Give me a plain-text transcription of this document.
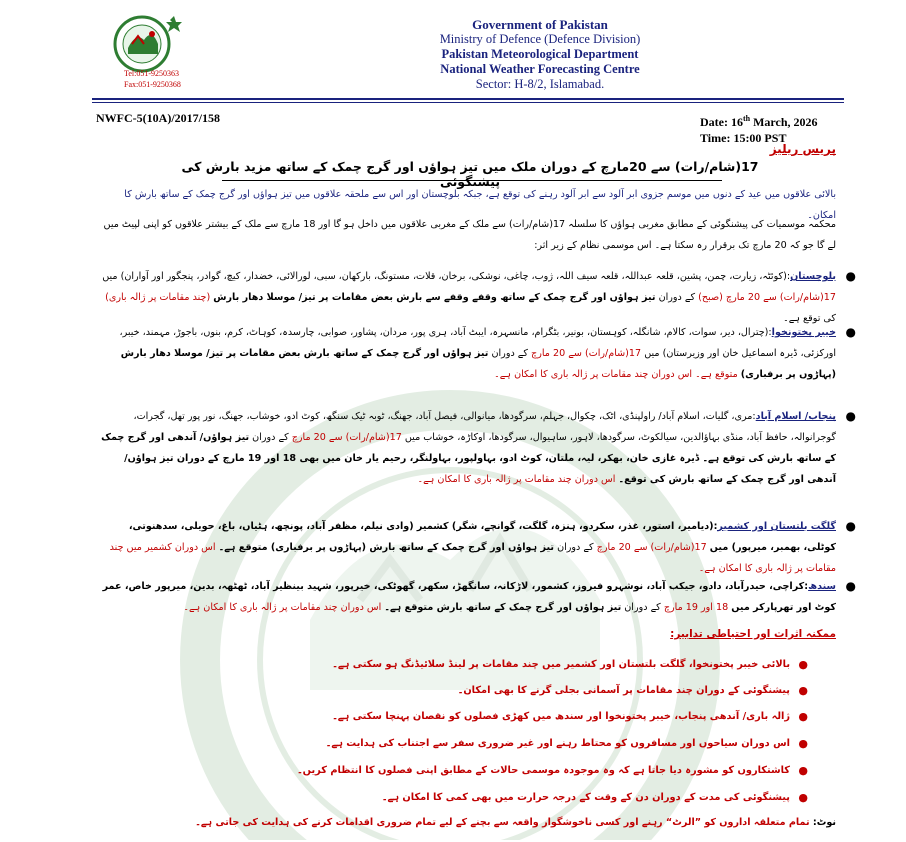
Tel:051-9250363
Fax:051-9250368
Government of Pakistan
Ministry of Defence (Defence Division)
Pakistan Meteorological Department
National Weather Forecasting Centre
Sector: H-8/2, Islamabad.
NWFC-5(10A)/2017/158	Date: 16th March, 2026
Time: 15:00 PST
پریس ریلیز
17(شام/رات) سے 20مارچ کے دوران ملک میں تیز ہواؤں اور گرج چمک کے ساتھ مزید بارش کی پیشنگوئی
بالائی علاقوں میں عید کے دنوں میں موسم جزوی ابر آلود سے ابر آلود رہنے کی توقع ہے، جبکہ بلوچستان اور اس سے ملحقہ علاقوں میں تیز ہواؤں اور گرج چمک کے ساتھ بارش کا امکان۔
محکمہ موسمیات کی پیشنگوئی کے مطابق مغربی ہواؤں کا سلسلہ 17(شام/رات) سے ملک کے مغربی علاقوں میں داخل ہو گا اور 18 مارچ سے ملک کے بیشتر علاقوں کو اپنی لپیٹ میں لے گا جو کہ 20 مارچ تک برقرار رہ سکتا ہے۔ اس موسمی نظام کے زیر اثر:
●
بلوچستان:(کوئٹہ، زیارت، چمن، پشین، قلعہ عبداللہ، قلعہ سیف اللہ، ژوب، چاغی، نوشکی، برخان، قلات، مستونگ، بارکھان، سبی، لورالائی، خضدار، کیچ، گوادر، پنجگور اور آواران) میں 17(شام/رات) سے 20 مارچ (صبح) کے دوران تیز ہواؤں اور گرج چمک کے ساتھ وقفے وقفے سے بارش بعض مقامات پر تیز/ موسلا دھار بارش (چند مقامات پر ژالہ باری) کی توقع ہے۔
●
خیبر پختونخوا:(چترال، دیر، سوات، کالام، شانگلہ، کوہستان، بونیر، بٹگرام، مانسہرہ، ایبٹ آباد، ہری پور، مردان، پشاور، صوابی، چارسدہ، کوہاٹ، کرم، بنوں، باجوڑ، مہمند، خیبر، اورکزئی، ڈیرہ اسماعیل خان اور وزیرستان) میں 17(شام/رات) سے 20 مارچ کے دوران تیز ہواؤں اور گرج چمک کے ساتھ بارش بعض مقامات پر تیز/ موسلا دھار بارش (پہاڑوں پر برفباری) متوقع ہے۔ اس دوران چند مقامات پر ژالہ باری کا امکان ہے۔
●
پنجاب/ اسلام آباد:مری، گلیات، اسلام آباد/ راولپنڈی، اٹک، چکوال، جہلم، سرگودھا، میانوالی، فیصل آباد، جھنگ، ٹوبہ ٹیک سنگھ، کوٹ ادو، خوشاب، جھنگ، نور پور تھل، گجرات، گوجرانوالہ، حافظ آباد، منڈی بہاؤالدین، سیالکوٹ، سرگودھا، لاہور، ساہیوال، سرگودھا، اوکاڑہ، خوشاب میں 17(شام/رات) سے 20 مارچ کے دوران تیز ہواؤں/ آندھی اور گرج چمک کے ساتھ بارش کی توقع ہے۔ ڈیرہ غازی خان، بھکر، لیہ، ملتان، کوٹ ادو، بہاولپور، بہاولنگر، رحیم یار خان میں بھی 18 اور 19 مارچ کے دوران تیز ہواؤں/ آندھی اور گرج چمک کے ساتھ بارش کی توقع۔ اس دوران چند مقامات پر ژالہ باری کا امکان ہے۔
●
گلگت بلتستان اور کشمیر:(دیامیر، استور، غذر، سکردو، ہنزہ، گلگت، گوانچے، شگر) کشمیر (وادی نیلم، مظفر آباد، پونچھ، ہٹیاں، باغ، حویلی، سدھنوتی، کوٹلی، بھمبر، میرپور) میں 17(شام/رات) سے 20 مارچ کے دوران تیز ہواؤں اور گرج چمک کے ساتھ بارش (پہاڑوں پر برفباری) متوقع ہے۔ اس دوران کشمیر میں چند مقامات پر ژالہ باری کا امکان ہے۔
●
سندھ:کراچی، حیدرآباد، دادو، جیکب آباد، نوشہرو فیروز، کشمور، لاڑکانہ، سانگھڑ، سکھر، گھوٹکی، خیرپور، شہید بینظیر آباد، ٹھٹھہ، بدین، میرپور خاص، عمر کوٹ اور تھرپارکر میں 18 اور 19 مارچ کے دوران تیز ہواؤں اور گرج چمک کے ساتھ بارش متوقع ہے۔ اس دوران چند مقامات پر ژالہ باری کا امکان ہے۔
ممکنہ اثرات اور احتیاطی تدابیر:
●
بالائی خیبر پختونخوا، گلگت بلتستان اور کشمیر میں چند مقامات پر لینڈ سلائیڈنگ ہو سکتی ہے۔
●
پیشنگوئی کے دوران چند مقامات پر آسمانی بجلی گرنے کا بھی امکان۔
●
ژالہ باری/ آندھی پنجاب، خیبر پختونخوا اور سندھ میں کھڑی فصلوں کو نقصان پہنچا سکتی ہے۔
●
اس دوران سیاحوں اور مسافروں کو محتاط رہنے اور غیر ضروری سفر سے اجتناب کی ہدایت ہے۔
●
کاشتکاروں کو مشورہ دیا جاتا ہے کہ وہ موجودہ موسمی حالات کے مطابق اپنی فصلوں کا انتظام کریں۔
●
پیشنگوئی کی مدت کے دوران دن کے وقت کے درجہ حرارت میں بھی کمی کا امکان ہے۔
نوٹ: تمام متعلقہ اداروں کو ”الرٹ“ رہنے اور کسی ناخوشگوار واقعہ سے بچنے کے لیے تمام ضروری اقدامات کرنے کی ہدایت کی جاتی ہے۔
